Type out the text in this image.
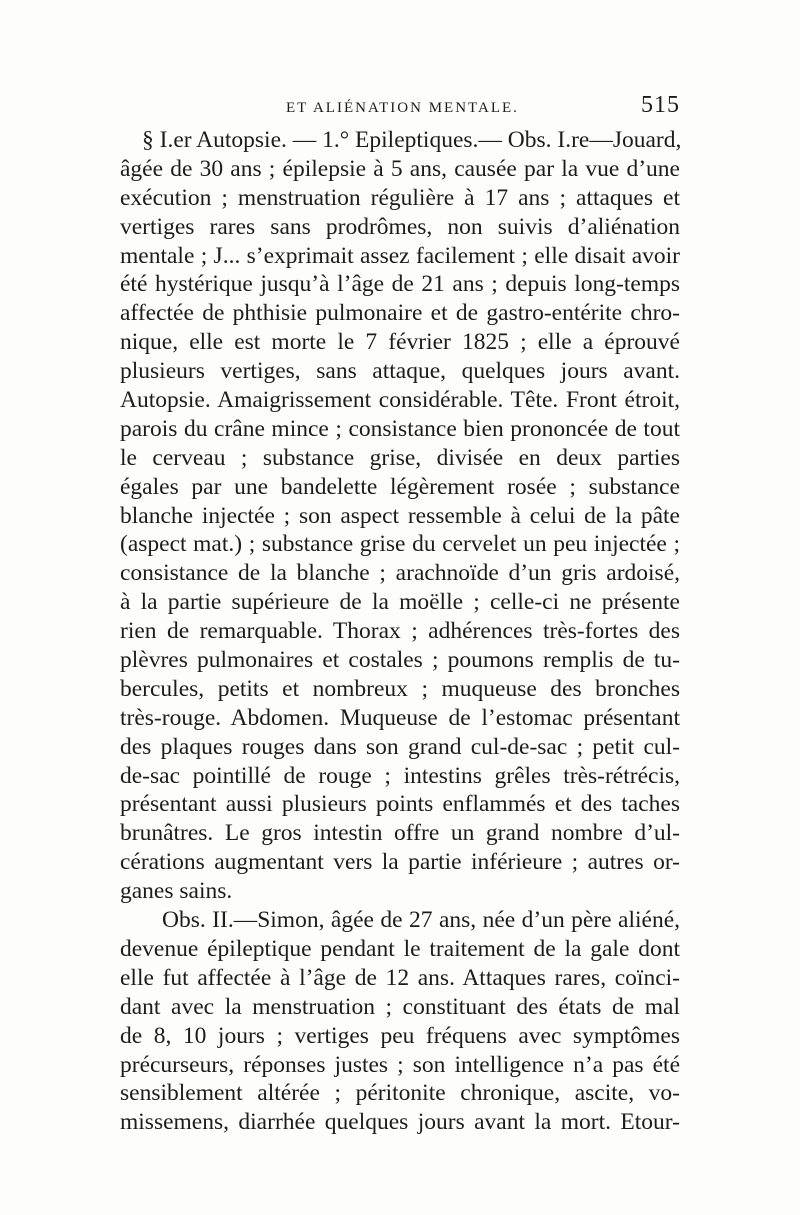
ET ALIÉNATION MENTALE.	515
§ I.er Autopsie. — 1.° Epileptiques.— Obs. I.re—Jouard,
âgée de 30 ans ; épilepsie à 5 ans, causée par la vue d’une
exécution ; menstruation régulière à 17 ans ; attaques et
vertiges rares sans prodrômes, non suivis d’aliénation
mentale ; J... s’exprimait assez facilement ; elle disait avoir
été hystérique jusqu’à l’âge de 21 ans ; depuis long-temps
affectée de phthisie pulmonaire et de gastro-entérite chro-
nique, elle est morte le 7 février 1825 ; elle a éprouvé
plusieurs vertiges, sans attaque, quelques jours avant.
Autopsie. Amaigrissement considérable. Tête. Front étroit,
parois du crâne mince ; consistance bien prononcée de tout
le cerveau ; substance grise, divisée en deux parties
égales par une bandelette légèrement rosée ; substance
blanche injectée ; son aspect ressemble à celui de la pâte
(aspect mat.) ; substance grise du cervelet un peu injectée ;
consistance de la blanche ; arachnoïde d’un gris ardoisé,
à la partie supérieure de la moëlle ; celle-ci ne présente
rien de remarquable. Thorax ; adhérences très-fortes des
plèvres pulmonaires et costales ; poumons remplis de tu-
bercules, petits et nombreux ; muqueuse des bronches
très-rouge. Abdomen. Muqueuse de l’estomac présentant
des plaques rouges dans son grand cul-de-sac ; petit cul-
de-sac pointillé de rouge ; intestins grêles très-rétrécis,
présentant aussi plusieurs points enflammés et des taches
brunâtres. Le gros intestin offre un grand nombre d’ul-
cérations augmentant vers la partie inférieure ; autres or-
ganes sains.
Obs. II.—Simon, âgée de 27 ans, née d’un père aliéné,
devenue épileptique pendant le traitement de la gale dont
elle fut affectée à l’âge de 12 ans. Attaques rares, coïnci-
dant avec la menstruation ; constituant des états de mal
de 8, 10 jours ; vertiges peu fréquens avec symptômes
précurseurs, réponses justes ; son intelligence n’a pas été
sensiblement altérée ; péritonite chronique, ascite, vo-
missemens, diarrhée quelques jours avant la mort. Etour-
